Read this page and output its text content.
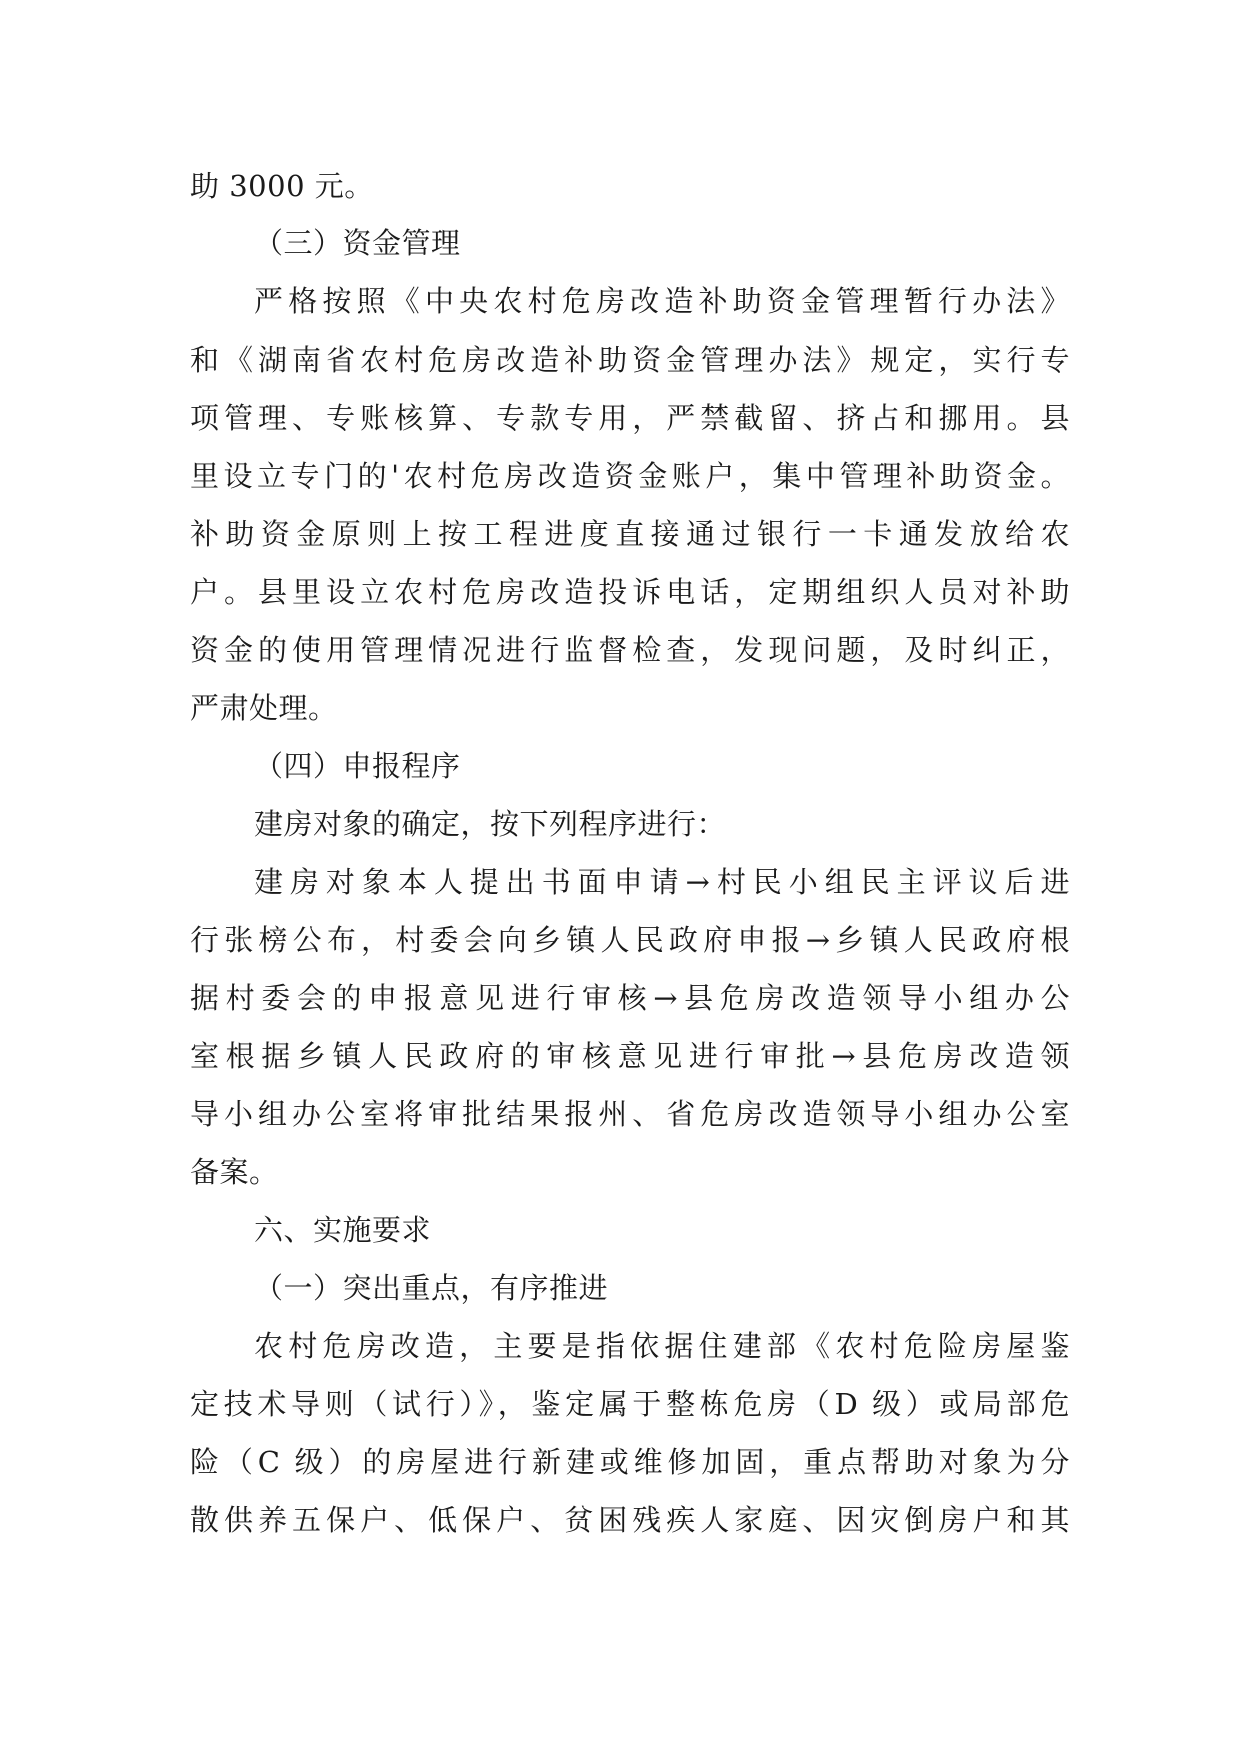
助 3000 元。
（三）资金管理
严格按照《中央农村危房改造补助资金管理暂行办法》
和《湖南省农村危房改造补助资金管理办法》规定，实行专
项管理、专账核算、专款专用，严禁截留、挤占和挪用。县
里设立专门的'农村危房改造资金账户，集中管理补助资金。
补助资金原则上按工程进度直接通过银行一卡通发放给农
户。县里设立农村危房改造投诉电话，定期组织人员对补助
资金的使用管理情况进行监督检查，发现问题，及时纠正，
严肃处理。
（四）申报程序
建房对象的确定，按下列程序进行：
建房对象本人提出书面申请→村民小组民主评议后进
行张榜公布，村委会向乡镇人民政府申报→乡镇人民政府根
据村委会的申报意见进行审核→县危房改造领导小组办公
室根据乡镇人民政府的审核意见进行审批→县危房改造领
导小组办公室将审批结果报州、省危房改造领导小组办公室
备案。
六、实施要求
（一）突出重点，有序推进
农村危房改造，主要是指依据住建部《农村危险房屋鉴
定技术导则（试行）》，鉴定属于整栋危房（D 级）或局部危
险（C 级）的房屋进行新建或维修加固，重点帮助对象为分
散供养五保户、低保户、贫困残疾人家庭、因灾倒房户和其
